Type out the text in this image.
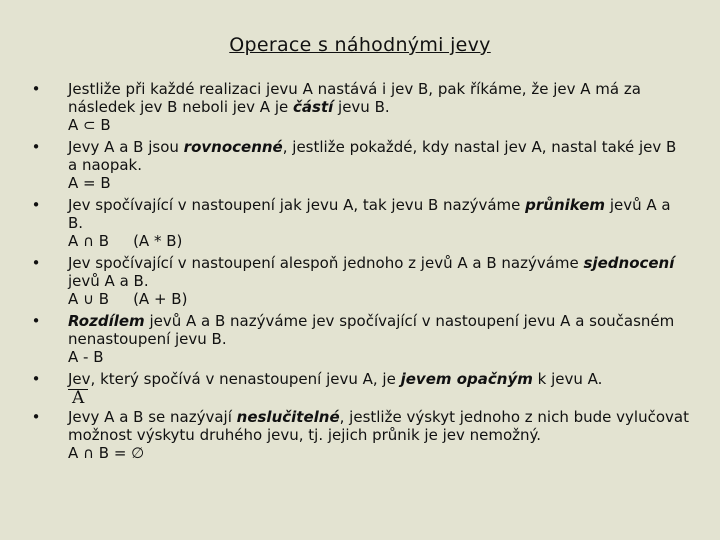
Operace s náhodnými jevy
• Jestliže při každé realizaci jevu A nastává i jev B, pak říkáme, že jev A má za následek jev B neboli jev A je částí jevu B.
A ⊂ B
• Jevy A a B jsou rovnocenné, jestliže pokaždé, kdy nastal jev A, nastal také jev B a naopak.
A = B
• Jev spočívající v nastoupení jak jevu A, tak jevu B nazýváme průnikem jevů A a B.
A ∩ B (A * B)
• Jev spočívající v nastoupení alespoň jednoho z jevů A a B nazýváme sjednocení jevů A a B.
A ∪ B (A + B)
• Rozdílem jevů A a B nazýváme jev spočívající v nastoupení jevu A a současném nenastoupení jevu B.
A - B
• Jev, který spočívá v nenastoupení jevu A, je jevem opačným k jevu A.
A
• Jevy A a B se nazývají neslučitelné, jestliže výskyt jednoho z nich bude vylučovat možnost výskytu druhého jevu, tj. jejich průnik je jev nemožný.
A ∩ B = ∅
